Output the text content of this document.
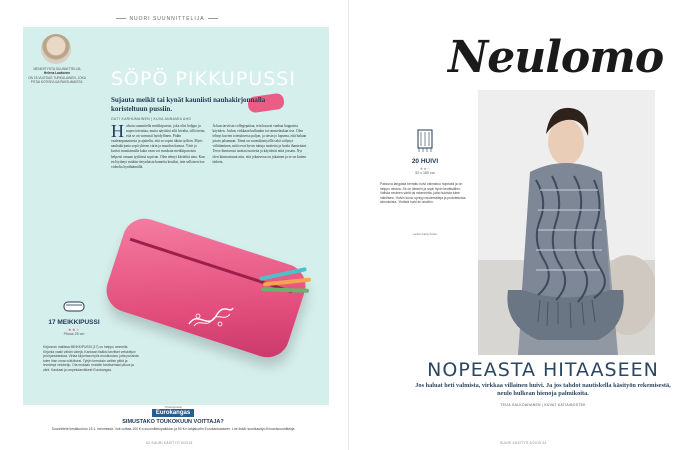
NUORI SUUNNITTELIJA
MENESTYSTÄ SUUNNITTELIJA
Helena Laakonen
ON 15-VUOTIAS TURKULAINEN, JOKA PITÄÄ KOTISIVUJA PAKSUMAISTA. SÖPÖ PIKKUPUSSI
Sujauta meikit tai kynät kauniisti nauhakirjonnalla koristeltuun pussiin.
OUTI KARHUMAINEN | KUVA ANNAMIA AHO
H alusin suunnitella meikkipussin, joka olisi helppo ja nopea toteuttaa, mutta näyttäisi silti kivalta, sillä tiesin, että se on varmasti hyödyllinen. Pidän vaaleanpunaisesta ja ajattelin, että se sopisi tähän työhön. Myös nauhakirjonta sopii yhteen värin ja muodon kanssa. Värit ja kuviot muuttamalla kuka vaan voi muokata meikkipussista helposti omaan tyyliinsä sopivan. Olen tehnyt käsitöitä aina. Kun en löytänyt mitään tietynlaista hametta kesäksi, tein sellaisen itse videolta hyrähtämällä.
Ja kun tarvitsin collegepaitaa, tein kuuvat vanhaa huppaista käyttäen. Joskus virkkaan hullunkin tai ommelaukun itse. Olen tehnyt kuvien totetuksessa paljon, ja tiesin jo lapsena, että haluan jotain jakamaan. Tämä on suomikäsityöllä sekä säilynyt välittäminen, mitä ovat hyvin tuttuja tuotteita ja luoda ihanteitani. Terve ihmisensä tuottaa tuotteita ja käyttävät niitä jossain. Nyt olen kiinnostunut niin, että jokaisessa on jokainen ja se on kuiten tärkein.
17 MEIKKIPUSSI
★★☆
Pituus 25 cm
Kirjonnan mallissa MEIKKIPUSSI (17) on helppo ommella. Kirjonta vaatii vähän värejä. Kankaan lisäksi tarvitset vetoketjun ja kirjontalankaa. Virtaa kirjontaa myös muuttuvaan, jotta pussista tulee ihan oman näköisesi. Tyhjin kerroksin valitse pitkä ja leveämpi vetoketju. Ota mukaan muistiin tarvitsemasi pituus ja värit. Kankaat ja ompelutarvikkeet Eurokangas.
Yhteistyössä
Eurokangas
SIMUSTAKO TOUKOKUUN VOITTAJA?
Suunnittele kesäkuuhun 15.1. mennessä. Voit voittaa 100 €:n suunnittelupalkkion ja 50 €:n lahjakortin Eurokankaaseen. Lue lisää: suurikasityo.fi/nuorisuunnittelija
62 SUURI KÄSITYÖ 5/2015
Neulomo
20 HUIVI
★★☆
52 x 180 cm
Paksuna langasta kerrattu huivi valmistuu nopeasti ja on helppo neuloa. Se on lämmin ja sopii hyvin kevätsäihin. Vaihda neuleen väriä tai rakennetta, jotta huivista tulee näköisesi. Huivin kuvio syntyy neulemalleja ja pudotetuista silmukoista. Yhdistä huivi eri asuihin.
Lanka Katia Xeber
NOPEASTA HITAASEEN
Jos haluat heti valmista, virkkaa villainen huivi. Ja jos tahdot nautiskella käsityön rekemisestä, neulo hulkean hienoja palmikoita.
TEIJA SALKOAHANEN | KUVAT KATIA/BOSTEK
SUURI KÄSITYÖ 5/2015 63
